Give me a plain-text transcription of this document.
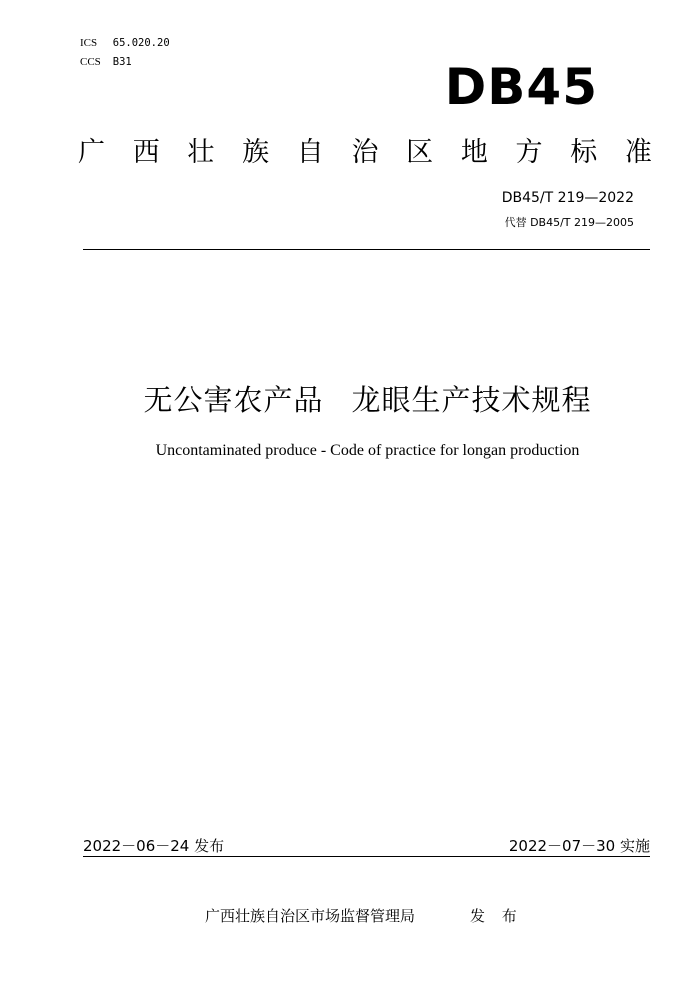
ICS 65.020.20
CCS B31	DB45
广 西 壮 族 自 治 区 地 方 标 准
DB45/T 219—2022
代替 DB45/T 219—2005
无公害农产品 龙眼生产技术规程
Uncontaminated produce - Code of practice for longan production
2022－06－24 发布	2022－07－30 实施
广西壮族自治区市场监督管理局	发 布
